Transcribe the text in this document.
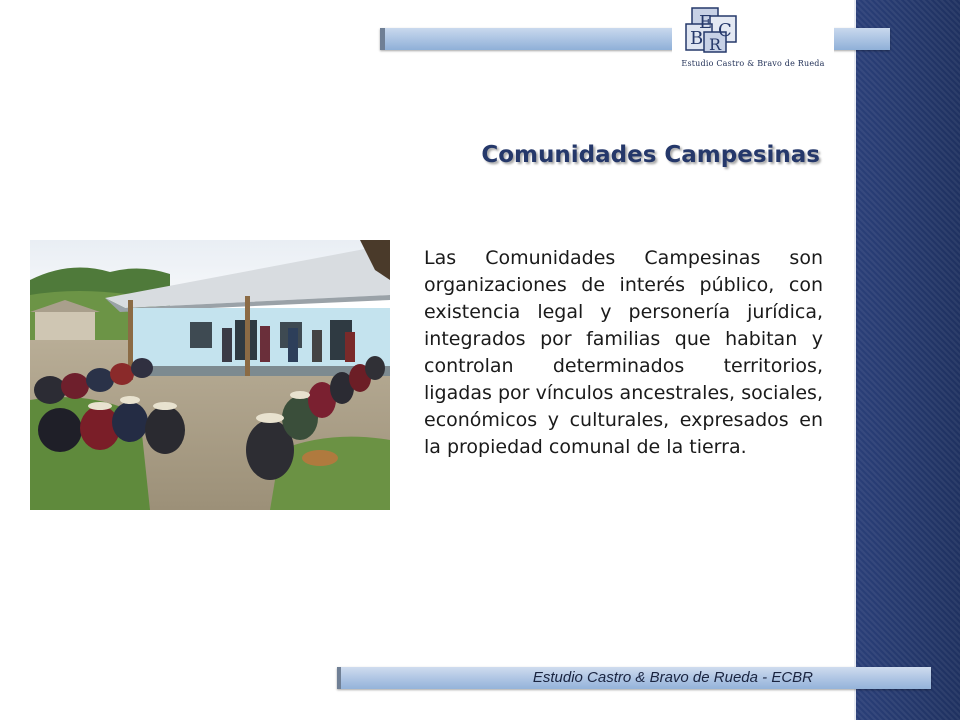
E C
B R
Estudio Castro & Bravo de Rueda
Comunidades Campesinas

Las Comunidades Campesinas son organizaciones de interés público, con existencia legal y personería jurídica, integrados por familias que habitan y controlan determinados territorios, ligadas por vínculos ancestrales, sociales, económicos y culturales, expresados en la propiedad comunal de la tierra.

Estudio Castro & Bravo de Rueda - ECBR
